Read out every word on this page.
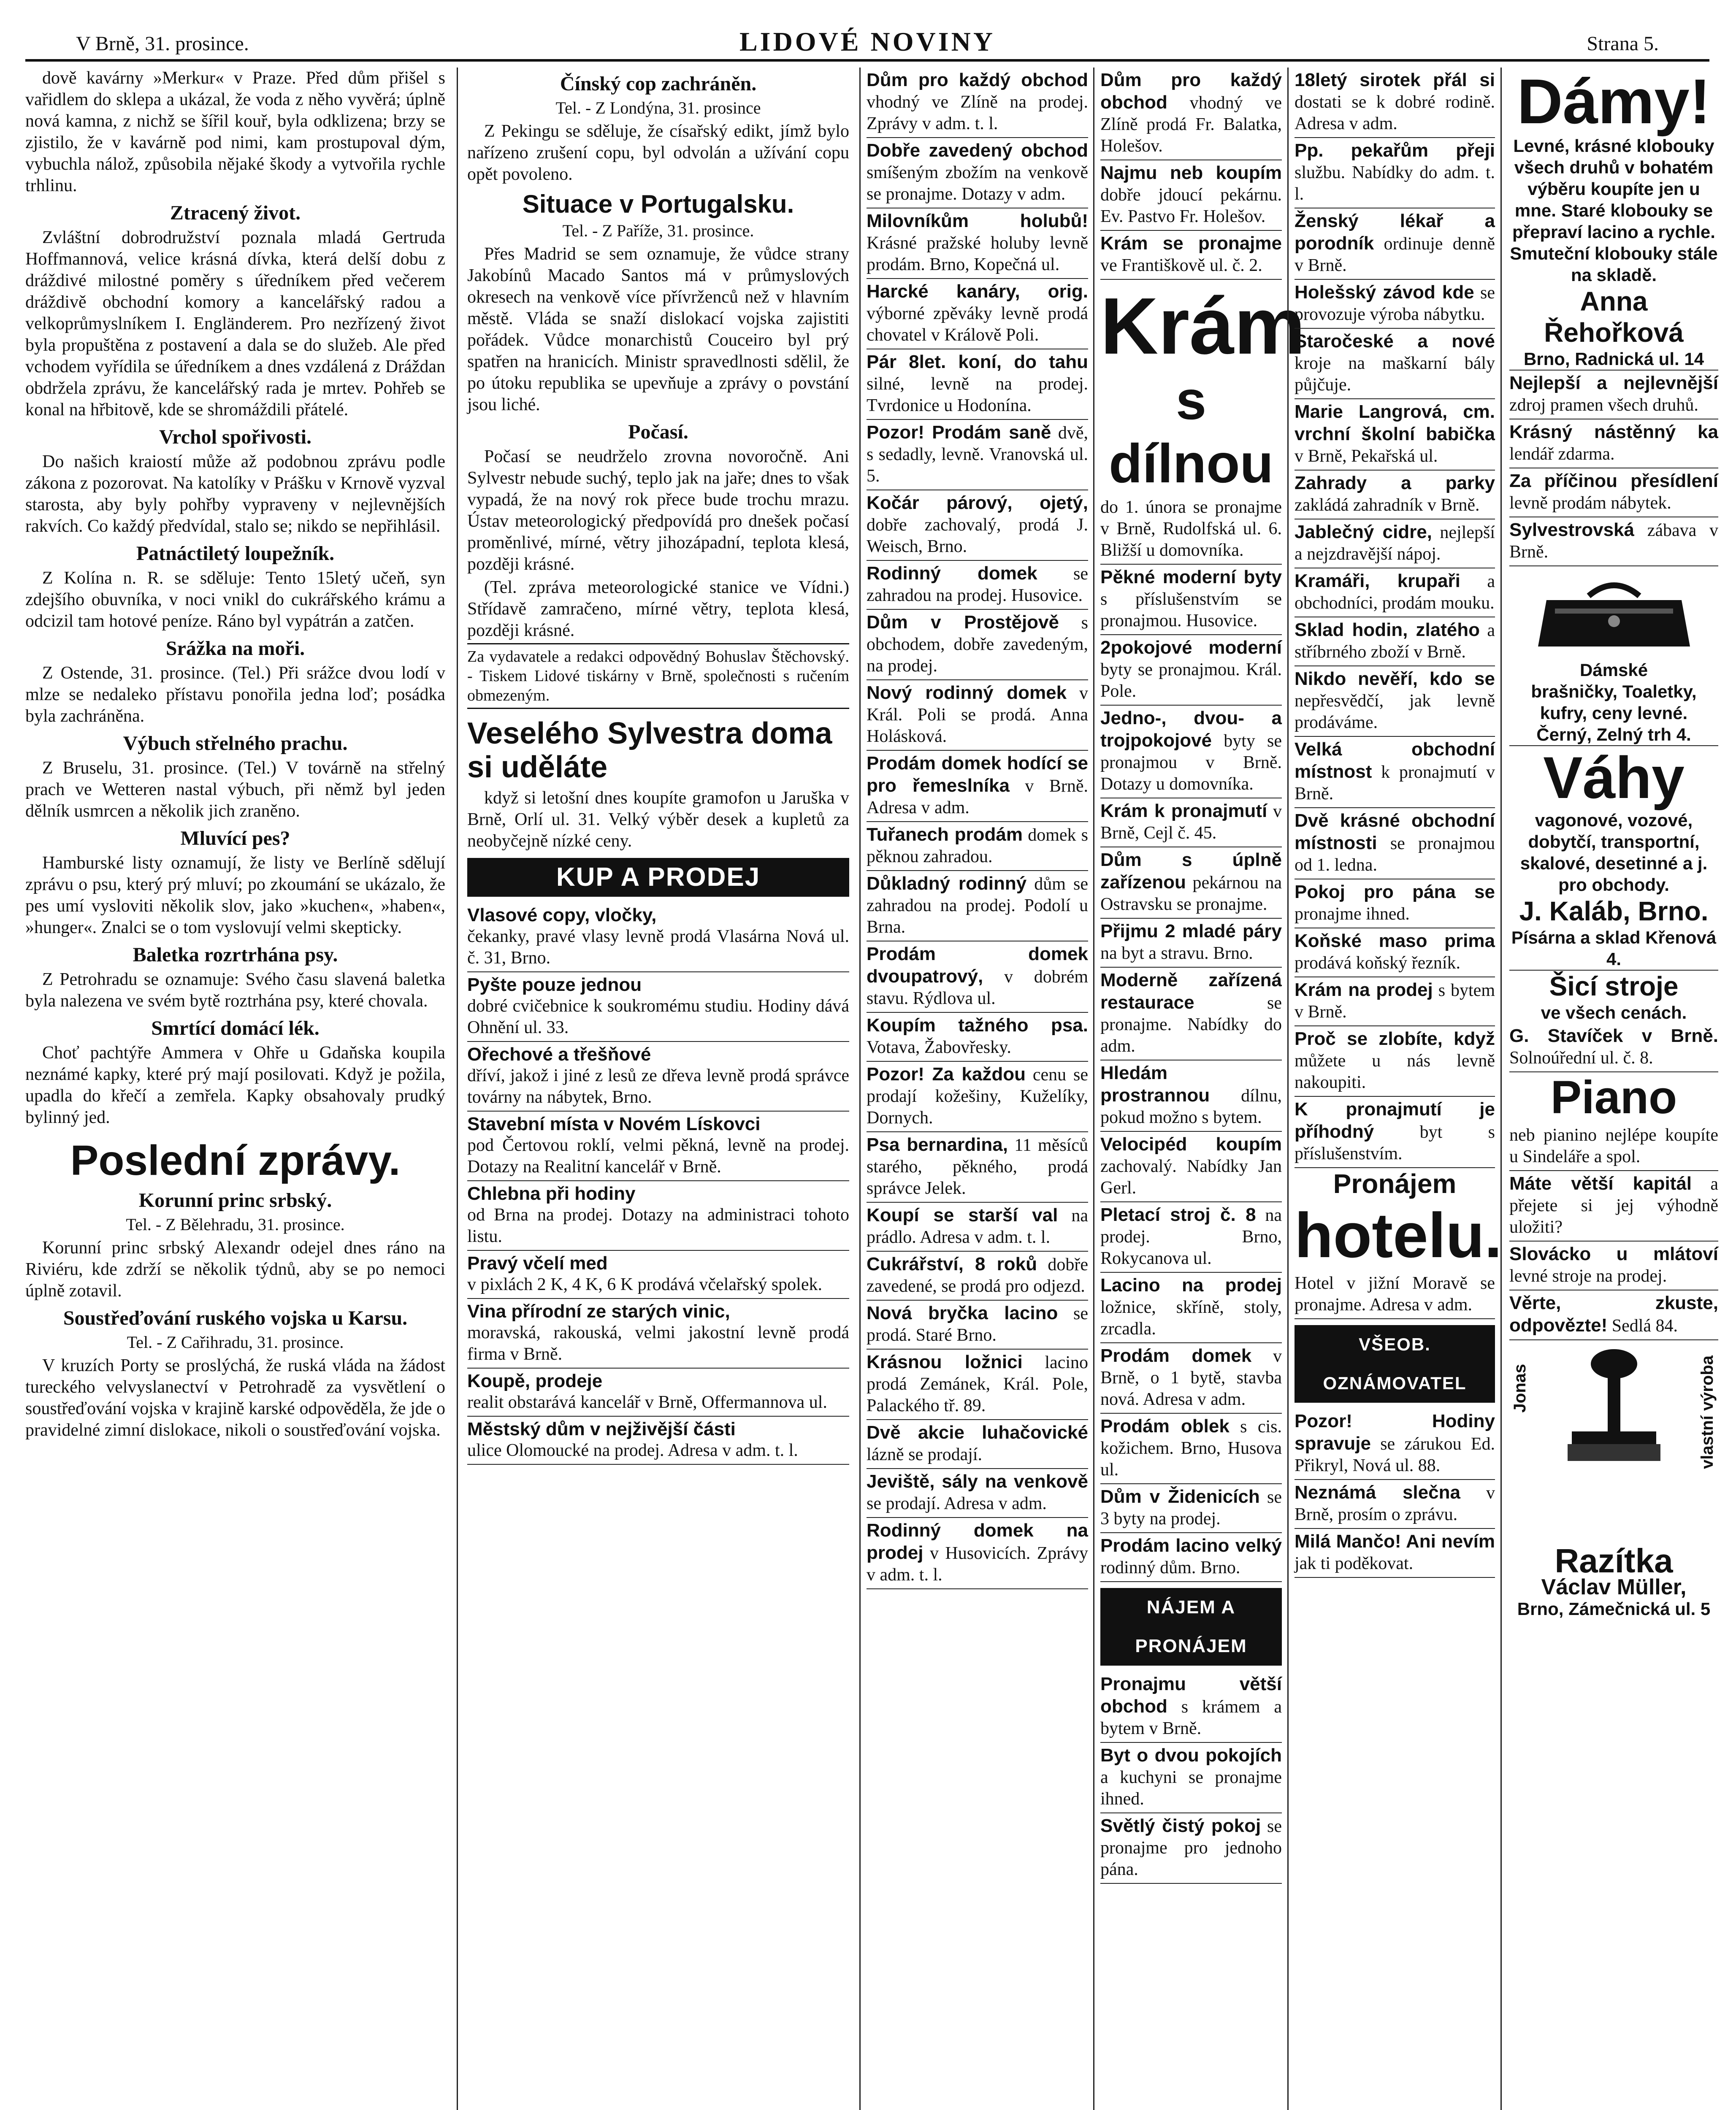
V Brně, 31. prosince.	LIDOVÉ NOVINY	Strana 5.

dově kavárny »Merkur« v Praze. Před dům přišel s vařidlem do sklepa a ukázal, že voda z něho vyvěrá; úplně nová kamna, z nichž se šířil kouř, byla odklizena; brzy se zjistilo, že v kavárně pod nimi, kam prostupoval dým, vybuchla nálož, způsobila nějaké škody a vytvořila rychle trhlinu.

Ztracený život.

Zvláštní dobrodružství poznala mladá Gertruda Hoffmannová, velice krásná dívka, která delší dobu z dráždivé milostné poměry s úředníkem před večerem dráždivě obchodní komory a kancelářský radou a velkoprůmyslníkem I. Engländerem. Pro nezřízený život byla propuštěna z postavení a dala se do služeb. Ale před vchodem vyřídila se úředníkem a dnes vzdálená z Dráždan obdržela zprávu, že kancelářský rada je mrtev. Pohřeb se konal na hřbitově, kde se shromáždili přátelé.

Vrchol spořivosti.

Do našich kraiostí může až podobnou zprávu podle zákona z pozorovat. Na katolíky v Prášku v Krnově vyzval starosta, aby byly pohřby vypraveny v nejlevnějších rakvích. Co každý předvídal, stalo se; nikdo se nepřihlásil.

Patnáctiletý loupežník.

Z Kolína n. R. se sděluje: Tento 15letý učeň, syn zdejšího obuvníka, v noci vnikl do cukrářského krámu a odcizil tam hotové peníze. Ráno byl vypátrán a zatčen.

Srážka na moři.

Z Ostende, 31. prosince. (Tel.) Při srážce dvou lodí v mlze se nedaleko přístavu ponořila jedna loď; posádka byla zachráněna.

Výbuch střelného prachu.

Z Bruselu, 31. prosince. (Tel.) V továrně na střelný prach ve Wetteren nastal výbuch, při němž byl jeden dělník usmrcen a několik jich zraněno.

Mluvící pes?

Hamburské listy oznamují, že listy ve Berlíně sdělují zprávu o psu, který prý mluví; po zkoumání se ukázalo, že pes umí vysloviti několik slov, jako »kuchen«, »haben«, »hunger«. Znalci se o tom vyslovují velmi skepticky.

Baletka rozrtrhána psy.

Z Petrohradu se oznamuje: Svého času slavená baletka byla nalezena ve svém bytě roztrhána psy, které chovala.

Smrtící domácí lék.

Choť pachtýře Ammera v Ohře u Gdaňska koupila neznámé kapky, které prý mají posilovati. Když je požila, upadla do křečí a zemřela. Kapky obsahovaly prudký bylinný jed.

Poslední zprávy.
Korunní princ srbský.
Tel. - Z Bělehradu, 31. prosince.

Korunní princ srbský Alexandr odejel dnes ráno na Riviéru, kde zdrží se několik týdnů, aby se po nemoci úplně zotavil.

Soustřeďování ruského vojska u Karsu.
Tel. - Z Cařihradu, 31. prosince.

V kruzích Porty se proslýchá, že ruská vláda na žádost tureckého velvyslanectví v Petrohradě za vysvětlení o soustřeďování vojska v krajině karské odpověděla, že jde o pravidelné zimní dislokace, nikoli o soustřeďování vojska.

Čínský cop zachráněn.
Tel. - Z Londýna, 31. prosince

Z Pekingu se sděluje, že císařský edikt, jímž bylo nařízeno zrušení copu, byl odvolán a užívání copu opět povoleno.

Situace v Portugalsku.
Tel. - Z Paříže, 31. prosince.

Přes Madrid se sem oznamuje, že vůdce strany Jakobínů Macado Santos má v průmyslových okresech na venkově více přívrženců než v hlavním městě. Vláda se snaží dislokací vojska zajistiti pořádek. Vůdce monarchistů Couceiro byl prý spatřen na hranicích. Ministr spravedlnosti sdělil, že po útoku republika se upevňuje a zprávy o povstání jsou liché.

Počasí.

Počasí se neudrželo zrovna novoročně. Ani Sylvestr nebude suchý, teplo jak na jaře; dnes to však vypadá, že na nový rok přece bude trochu mrazu. Ústav meteorologický předpovídá pro dnešek počasí proměnlivé, mírné, větry jihozápadní, teplota klesá, později krásné.

(Tel. zpráva meteorologické stanice ve Vídni.) Střídavě zamračeno, mírné větry, teplota klesá, později krásné.

Za vydavatele a redakci odpovědný Bohuslav Štěchovský. - Tiskem Lidové tiskárny v Brně, společnosti s ručením obmezeným.

Veselého Sylvestra doma si uděláte

když si letošní dnes koupíte gramofon u Jaruška v Brně, Orlí ul. 31. Velký výběr desek a kupletů za neobyčejně nízké ceny.

KUP A PRODEJ
Vlasové copy, vločky,
čekanky, pravé vlasy levně prodá Vlasárna Nová ul. č. 31, Brno.
Pyšte pouze jednou
dobré cvičebnice k soukromému studiu. Hodiny dává Ohnění ul. 33.
Ořechové a třešňové
dříví, jakož i jiné z lesů ze dřeva levně prodá správce továrny na nábytek, Brno.
Stavební místa v Novém Lískovci
pod Čertovou roklí, velmi pěkná, levně na prodej. Dotazy na Realitní kancelář v Brně.
Chlebna při hodiny
od Brna na prodej. Dotazy na administraci tohoto listu.
Pravý včelí med
v pixlách 2 K, 4 K, 6 K prodává včelařský spolek.
Vina přírodní ze starých vinic,
moravská, rakouská, velmi jakostní levně prodá firma v Brně.
Koupě, prodeje
realit obstarává kancelář v Brně, Offermannova ul.
Městský dům v nejživější části
ulice Olomoucké na prodej. Adresa v adm. t. l.
Dům pro každý obchod vhodný ve Zlíně na prodej. Zprávy v adm. t. l.
Dobře zavedený obchod smíšeným zbožím na venkově se pronajme. Dotazy v adm.
Milovníkům holubů! Krásné pražské holuby levně prodám. Brno, Kopečná ul.
Harcké kanáry, orig. výborné zpěváky levně prodá chovatel v Králově Poli.
Pár 8let. koní, do tahu silné, levně na prodej. Tvrdonice u Hodonína.
Pozor! Prodám saně dvě, s sedadly, levně. Vranovská ul. 5.
Kočár párový, ojetý, dobře zachovalý, prodá J. Weisch, Brno.
Rodinný domek se zahradou na prodej. Husovice.
Dům v Prostějově s obchodem, dobře zavedeným, na prodej.
Nový rodinný domek v Král. Poli se prodá. Anna Holásková.
Prodám domek hodící se pro řemeslníka v Brně. Adresa v adm.
Tuřanech prodám domek s pěknou zahradou.
Důkladný rodinný dům se zahradou na prodej. Podolí u Brna.
Prodám domek dvoupatrový, v dobrém stavu. Rýdlova ul.
Koupím tažného psa. Votava, Žabovřesky.
Pozor! Za každou cenu se prodají kožešiny, Kuželíky, Dornych.
Psa bernardina, 11 měsíců starého, pěkného, prodá správce Jelek.
Koupí se starší val na prádlo. Adresa v adm. t. l.
Cukrářství, 8 roků dobře zavedené, se prodá pro odjezd.
Nová bryčka lacino se prodá. Staré Brno.
Krásnou ložnici lacino prodá Zemánek, Král. Pole, Palackého tř. 89.
Dvě akcie luhačovické lázně se prodají.
Jeviště, sály na venkově se prodají. Adresa v adm.
Rodinný domek na prodej v Husovicích. Zprávy v adm. t. l.
Dům pro každý obchod vhodný ve Zlíně prodá Fr. Balatka, Holešov.
Najmu neb koupím dobře jdoucí pekárnu. Ev. Pastvo Fr. Holešov.
Krám se pronajme ve Františkově ul. č. 2.
Krám
s dílnou
do 1. února se pronajme v Brně, Rudolfská ul. 6. Bližší u domovníka.
Pěkné moderní byty s příslušenstvím se pronajmou. Husovice.
2pokojové moderní byty se pronajmou. Král. Pole.
Jedno-, dvou- a trojpokojové byty se pronajmou v Brně. Dotazy u domovníka.
Krám k pronajmutí v Brně, Cejl č. 45.
Dům s úplně zařízenou pekárnou na Ostravsku se pronajme.
Přijmu 2 mladé páry na byt a stravu. Brno.
Moderně zařízená restaurace	se pronajme. Nabídky do adm.
Hledám prostrannou dílnu, pokud možno s bytem.
Velocipéd koupím zachovalý. Nabídky Jan Gerl.
Pletací stroj č. 8 na prodej. Brno, Rokycanova ul.
Lacino na prodej ložnice, skříně, stoly, zrcadla.
Prodám domek v Brně, o 1 bytě, stavba nová. Adresa v adm.
Prodám oblek s cis. kožichem. Brno, Husova ul.
Dům v Židenicích se 3 byty na prodej.
Prodám lacino velký rodinný dům. Brno.
NÁJEM A PRONÁJEM
Pronajmu větší obchod s krámem a bytem v Brně.
Byt o dvou pokojích a kuchyni se pronajme ihned.
Světlý čistý pokoj se pronajme pro jednoho pána.
18letý sirotek přál si dostati se k dobré rodině. Adresa v adm.
Pp. pekařům přeji službu. Nabídky do adm. t. l.
Ženský lékař a porodník ordinuje denně v Brně.
Holešský závod kde se provozuje výroba nábytku.
Staročeské a nové kroje na maškarní bály půjčuje.
Marie Langrová, cm. vrchní školní babička v Brně, Pekařská ul.
Zahrady a parky zakládá zahradník v Brně.
Jablečný cidre, nejlepší a nejzdravější nápoj.
Kramáři, krupaři a obchodníci, prodám mouku.
Sklad hodin, zlatého a stříbrného zboží v Brně.
Nikdo nevěří, kdo se nepřesvědčí, jak levně prodáváme.
Velká obchodní místnost k pronajmutí v Brně.
Dvě krásné obchodní místnosti se pronajmou od 1. ledna.
Pokoj pro pána se pronajme ihned.
Koňské maso prima prodává koňský řezník.
Krám na prodej s bytem v Brně.
Proč se zlobíte, když můžete u nás levně nakoupiti.
K pronajmutí je příhodný	byt s příslušenstvím.
Pronájem
hotelu.
Hotel v jižní Moravě se pronajme. Adresa v adm.
VŠEOB. OZNÁMOVATEL
Pozor! Hodiny spravuje se zárukou Ed. Přikryl, Nová ul. 88.
Neznámá slečna v Brně, prosím o zprávu.
Milá Mančo! Ani nevím jak ti poděkovat.
Dámy!
Levné, krásné klobouky všech druhů v bohatém výběru koupíte jen u mne. Staré klobouky se přepraví lacino a rychle. Smuteční klobouky stále na skladě.
Anna Řehořková
Brno, Radnická ul. 14
Nejlepší a nejlevnější zdroj pramen všech druhů.
Krásný nástěnný ka lendář zdarma.
Za příčinou přesídlení levně prodám nábytek.
Sylvestrovská zábava v Brně.
Dámské
brašničky, Toaletky, kufry, ceny levné.
Černý, Zelný trh 4.
Váhy
vagonové, vozové, dobytčí, transportní, skalové, desetinné a j. pro obchody.
J. Kaláb, Brno.
Písárna a sklad Křenová 4.
Šicí stroje
ve všech cenách.
G. Stavíček v Brně. Solnoúřední ul. č. 8.
Piano
neb pianino nejlépe koupíte u Sindeláře a spol.
Máte větší kapitál a přejete si jej výhodně uložiti?
Slovácko u mlátoví levné stroje na prodej.
Věrte, zkuste, odpovězte! Sedlá 84.
Jonas	vlastní výroba
Razítka
Václav Müller,
Brno, Zámečnická ul. 5
